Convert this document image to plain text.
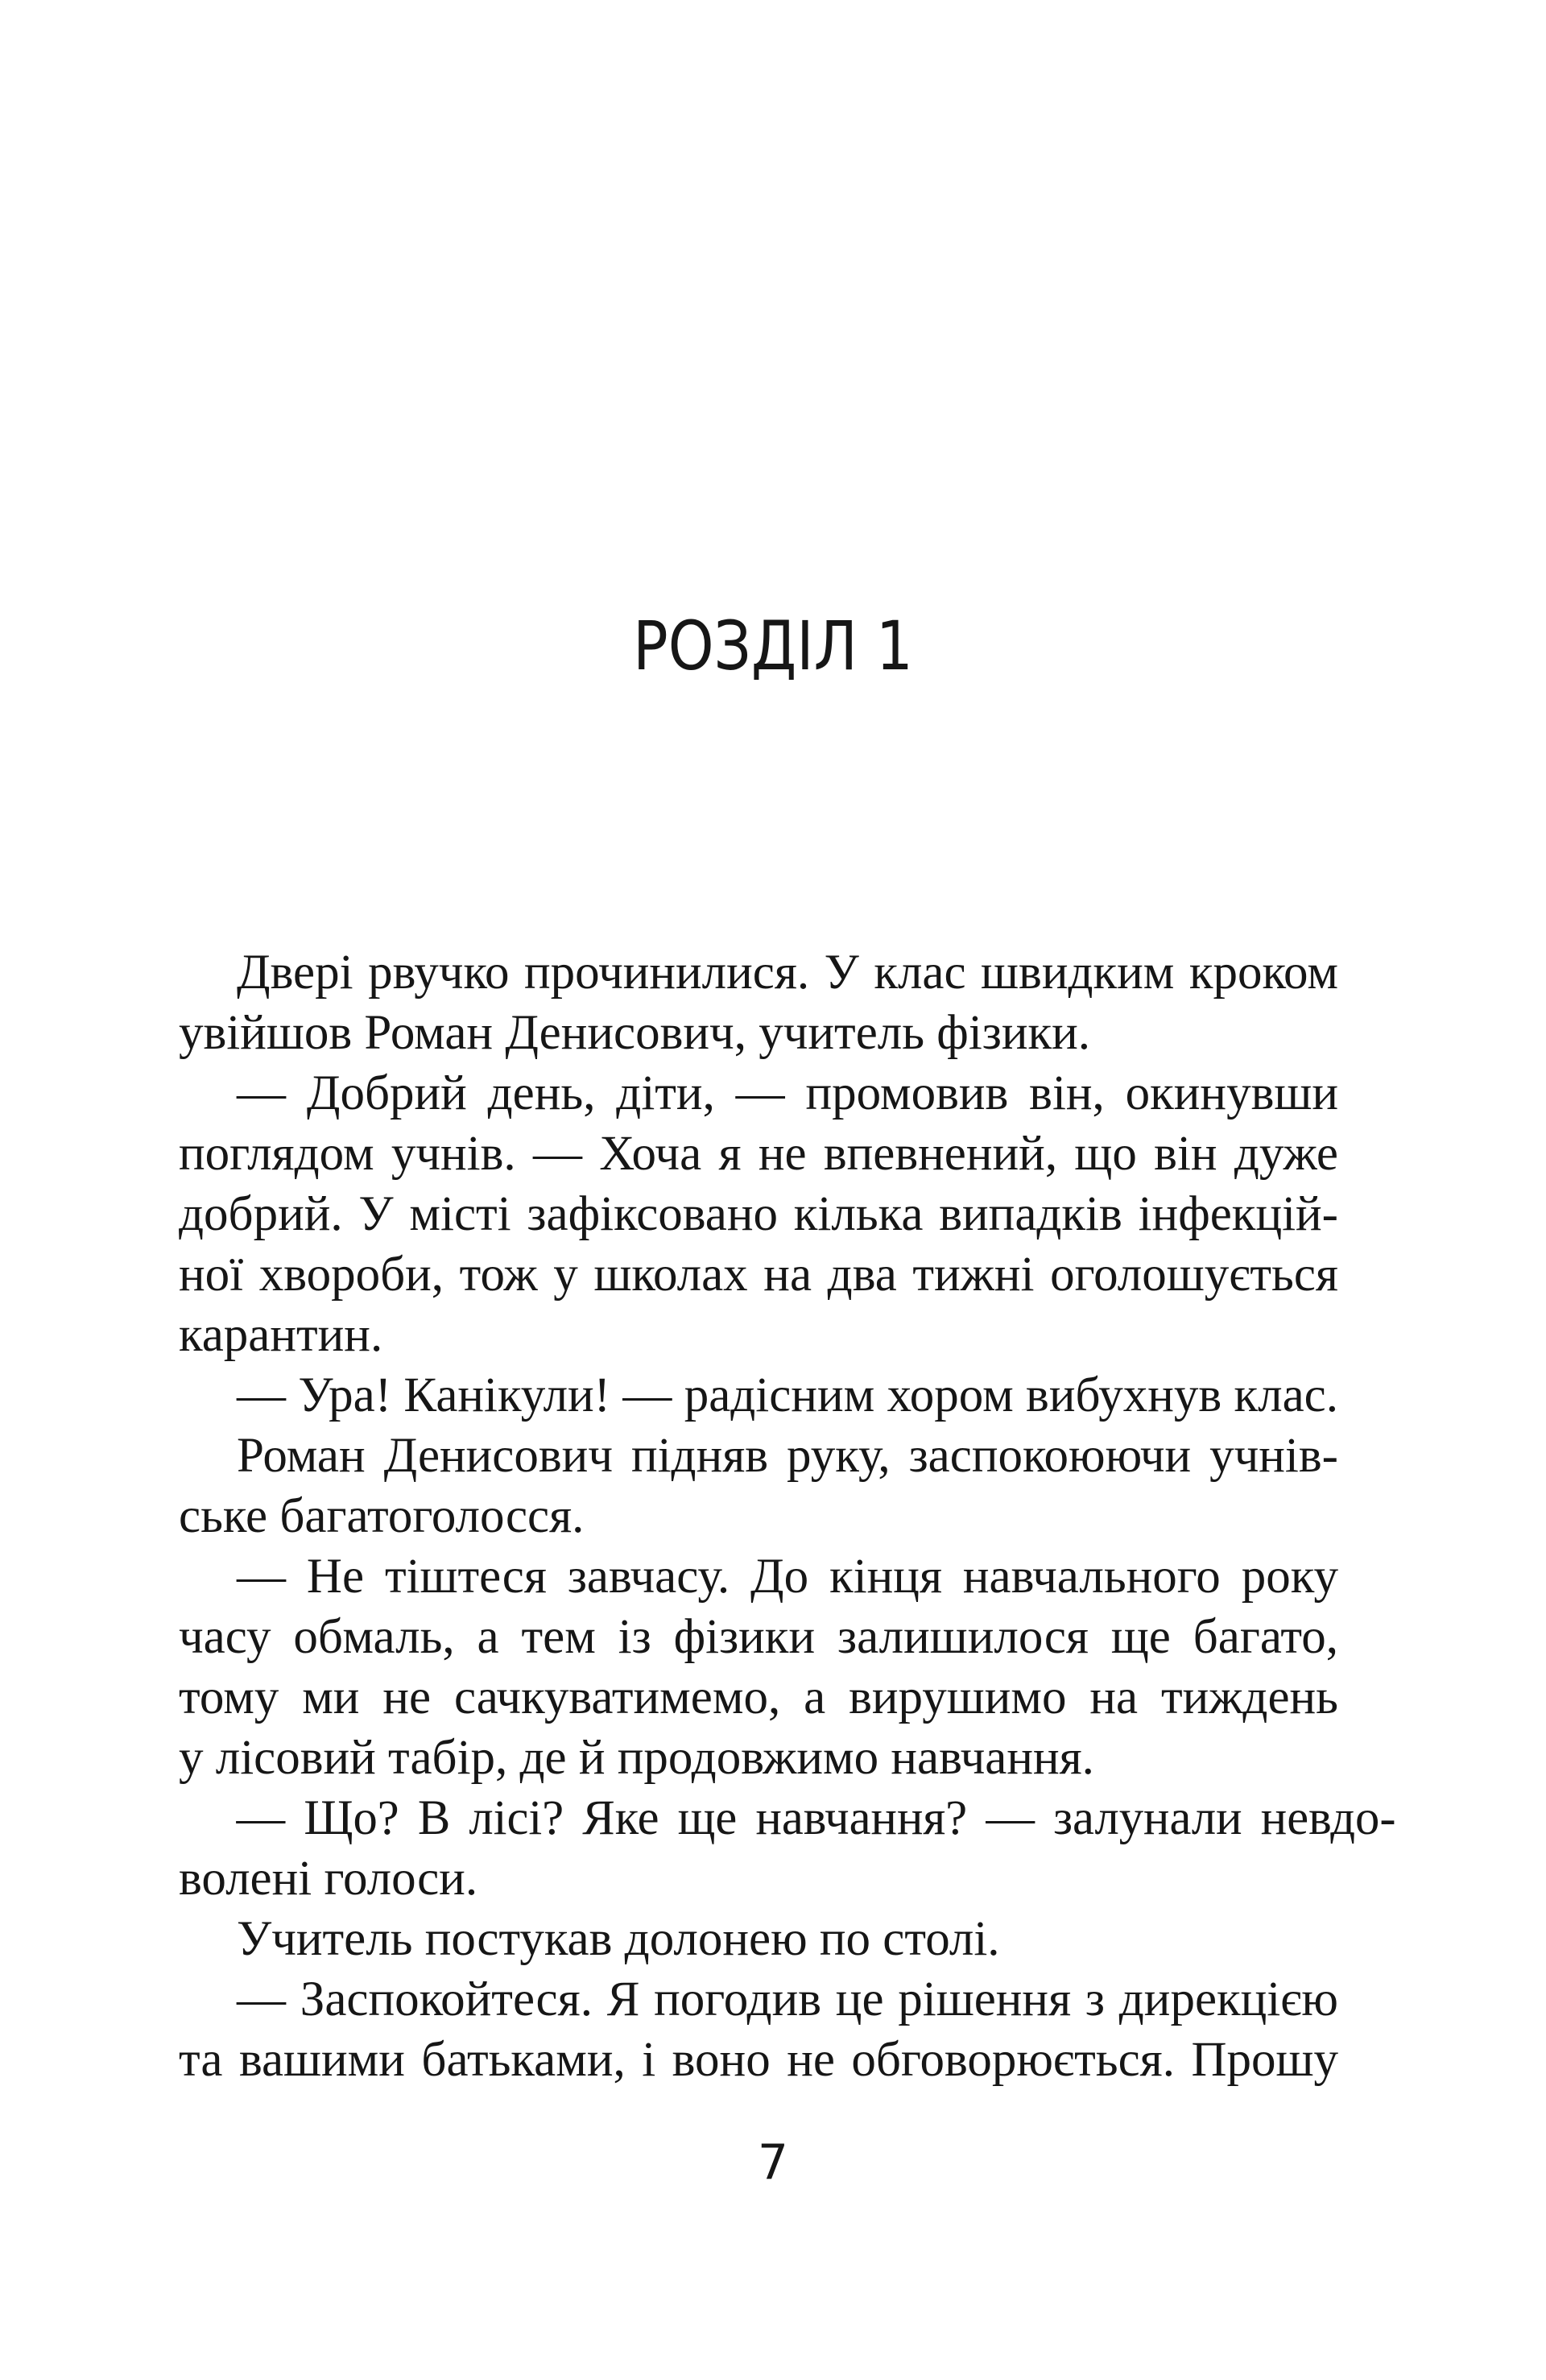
РОЗДІЛ 1
Двері рвучко прочинилися. У клас швидким кроком
увійшов Роман Денисович, учитель фізики.
— Добрий день, діти, — промовив він, окинувши
поглядом учнів. — Хоча я не впевнений, що він дуже
добрий. У місті зафіксовано кілька випадків інфекцій-
ної хвороби, тож у школах на два тижні оголошується
карантин.
— Ура! Канікули! — радісним хором вибухнув клас.
Роман Денисович підняв руку, заспокоюючи учнів-
ське багатоголосся.
— Не тіштеся завчасу. До кінця навчального року
часу обмаль, а тем із фізики залишилося ще багато,
тому ми не сачкуватимемо, а вирушимо на тиждень
у лісовий табір, де й продовжимо навчання.
— Що? В лісі? Яке ще навчання? — залунали невдо-
волені голоси.
Учитель постукав долонею по столі.
— Заспокойтеся. Я погодив це рішення з дирекцією
та вашими батьками, і воно не обговорюється. Прошу
7
